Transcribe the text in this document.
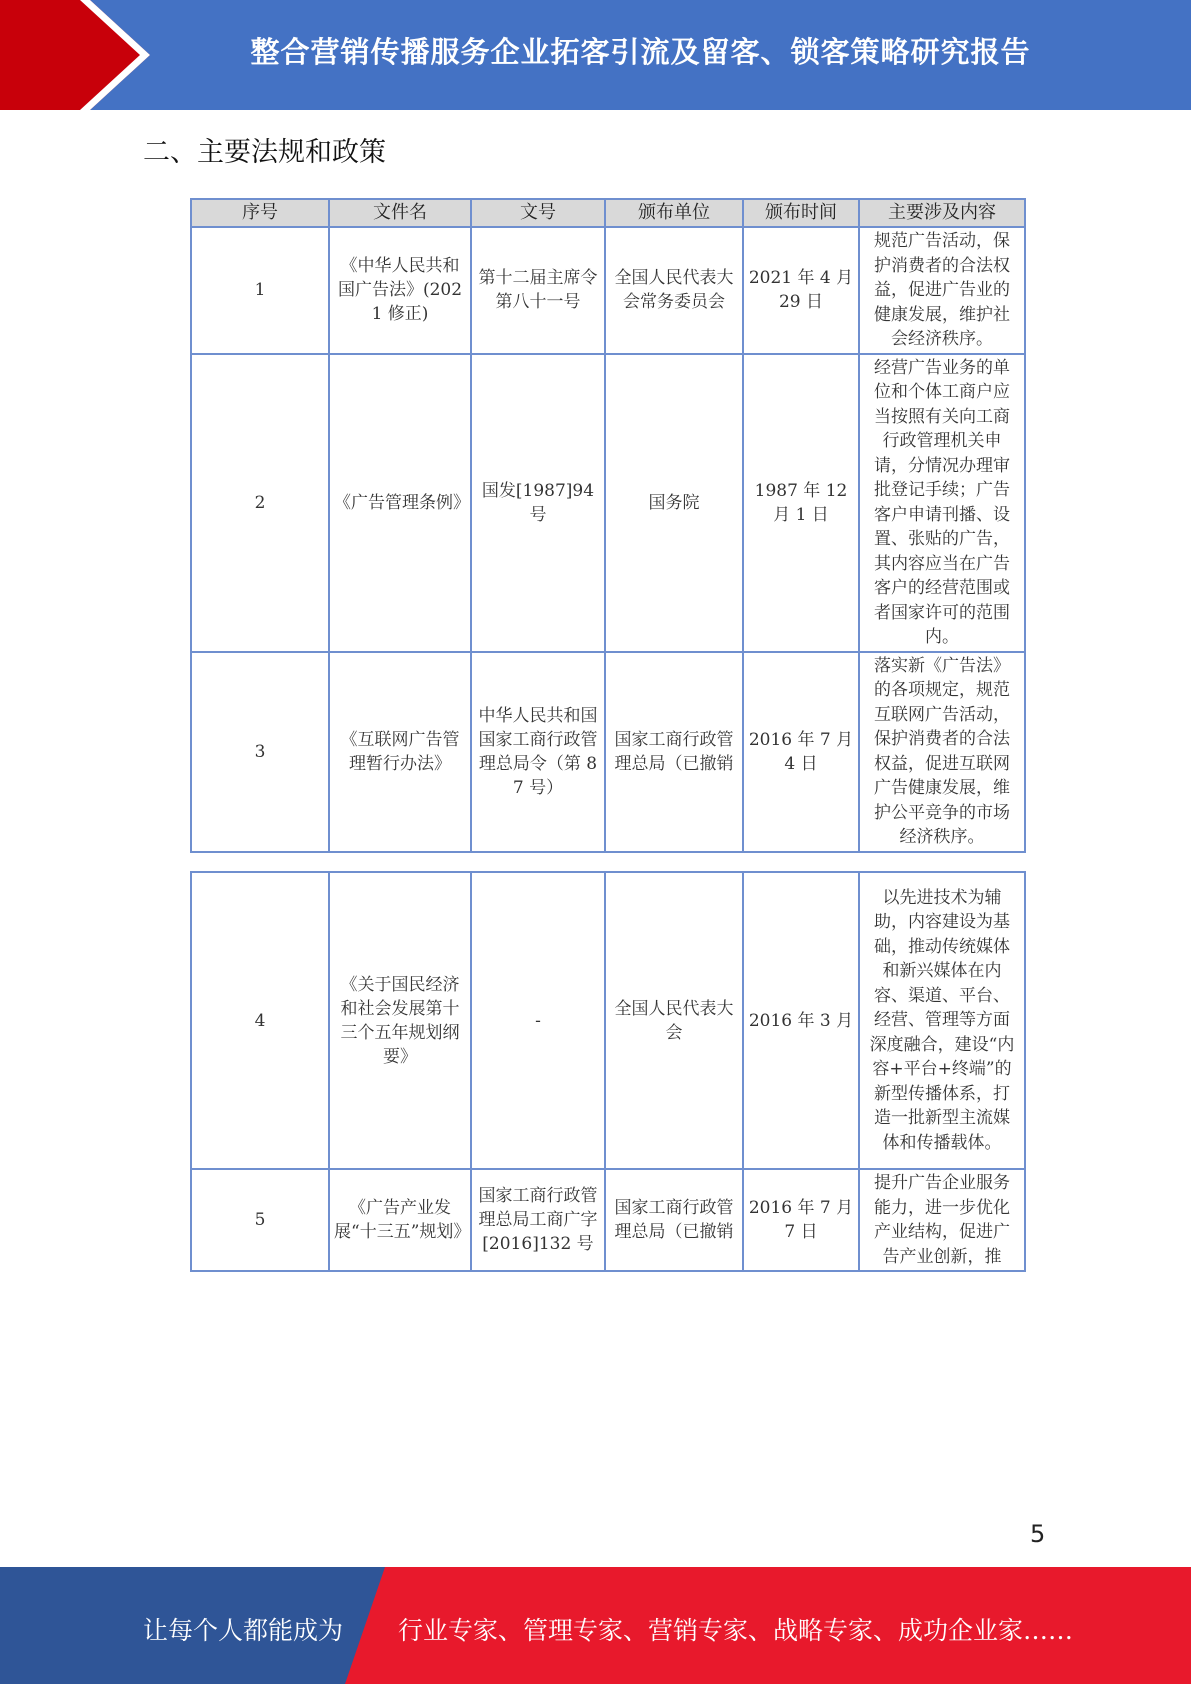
整合营销传播服务企业拓客引流及留客、锁客策略研究报告
二、主要法规和政策
序号	文件名	文号	颁布单位	颁布时间	主要涉及内容
1	《中华人民共和国广告法》(2021 修正)	第十二届主席令第八十一号	全国人民代表大会常务委员会	2021 年 4 月 29 日	规范广告活动，保护消费者的合法权益，促进广告业的健康发展，维护社会经济秩序。
2	《广告管理条例》	国发[1987]94 号	国务院	1987 年 12 月 1 日	经营广告业务的单位和个体工商户应当按照有关向工商行政管理机关申请，分情况办理审批登记手续；广告客户申请刊播、设置、张贴的广告，其内容应当在广告客户的经营范围或者国家许可的范围内。
3	《互联网广告管理暂行办法》	中华人民共和国国家工商行政管理总局令（第 87 号）	国家工商行政管理总局（已撤销	2016 年 7 月 4 日	落实新《广告法》的各项规定，规范互联网广告活动，保护消费者的合法权益，促进互联网广告健康发展，维护公平竞争的市场经济秩序。
4	《关于国民经济和社会发展第十三个五年规划纲要》	-	全国人民代表大会	2016 年 3 月	以先进技术为辅助，内容建设为基础，推动传统媒体和新兴媒体在内容、渠道、平台、经营、管理等方面深度融合，建设“内容+平台+终端”的新型传播体系，打造一批新型主流媒体和传播载体。
5	《广告产业发展“十三五”规划》	国家工商行政管理总局工商广字[2016]132 号	国家工商行政管理总局（已撤销	2016 年 7 月 7 日	提升广告企业服务能力，进一步优化产业结构，促进广告产业创新，推
5
让每个人都能成为 行业专家、管理专家、营销专家、战略专家、成功企业家……
